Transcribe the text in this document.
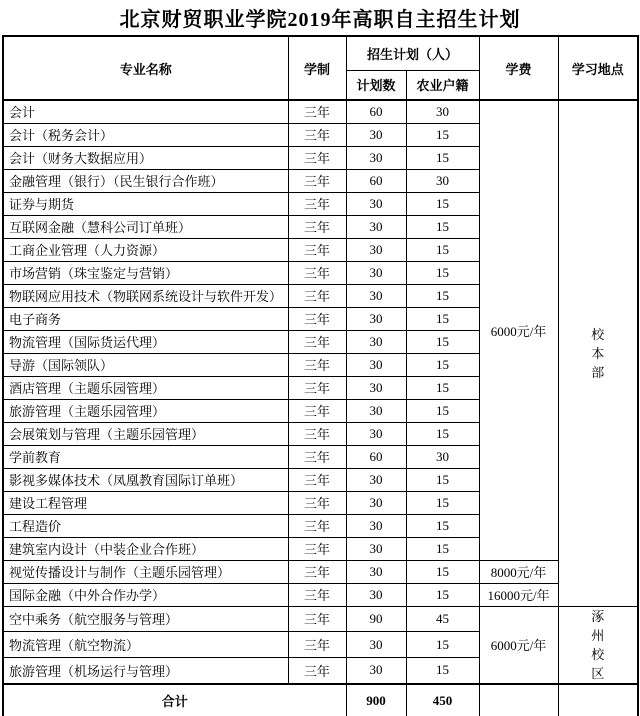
北京财贸职业学院2019年高职自主招生计划
专业名称	学制	招生计划（人）		学费	学习地点
		计划数	农业户籍		
会计	三年	60	30	6000元/年	校本部
会计（税务会计）	三年	30	15		
会计（财务大数据应用）	三年	30	15		
金融管理（银行）（民生银行合作班）	三年	60	30		
证券与期货	三年	30	15		
互联网金融（慧科公司订单班）	三年	30	15		
工商企业管理（人力资源）	三年	30	15		
市场营销（珠宝鉴定与营销）	三年	30	15		
物联网应用技术（物联网系统设计与软件开发）	三年	30	15		
电子商务	三年	30	15		
物流管理（国际货运代理）	三年	30	15		
导游（国际领队）	三年	30	15		
酒店管理（主题乐园管理）	三年	30	15		
旅游管理（主题乐园管理）	三年	30	15		
会展策划与管理（主题乐园管理）	三年	30	15		
学前教育	三年	60	30		
影视多媒体技术（凤凰教育国际订单班）	三年	30	15		
建设工程管理	三年	30	15		
工程造价	三年	30	15		
建筑室内设计（中装企业合作班）	三年	30	15		
视觉传播设计与制作（主题乐园管理）	三年	30	15	8000元/年	
国际金融（中外合作办学）	三年	30	15	16000元/年	
空中乘务（航空服务与管理）	三年	90	45	6000元/年	涿州校区
物流管理（航空物流）	三年	30	15		
旅游管理（机场运行与管理）	三年	30	15		
合计		900	450		
